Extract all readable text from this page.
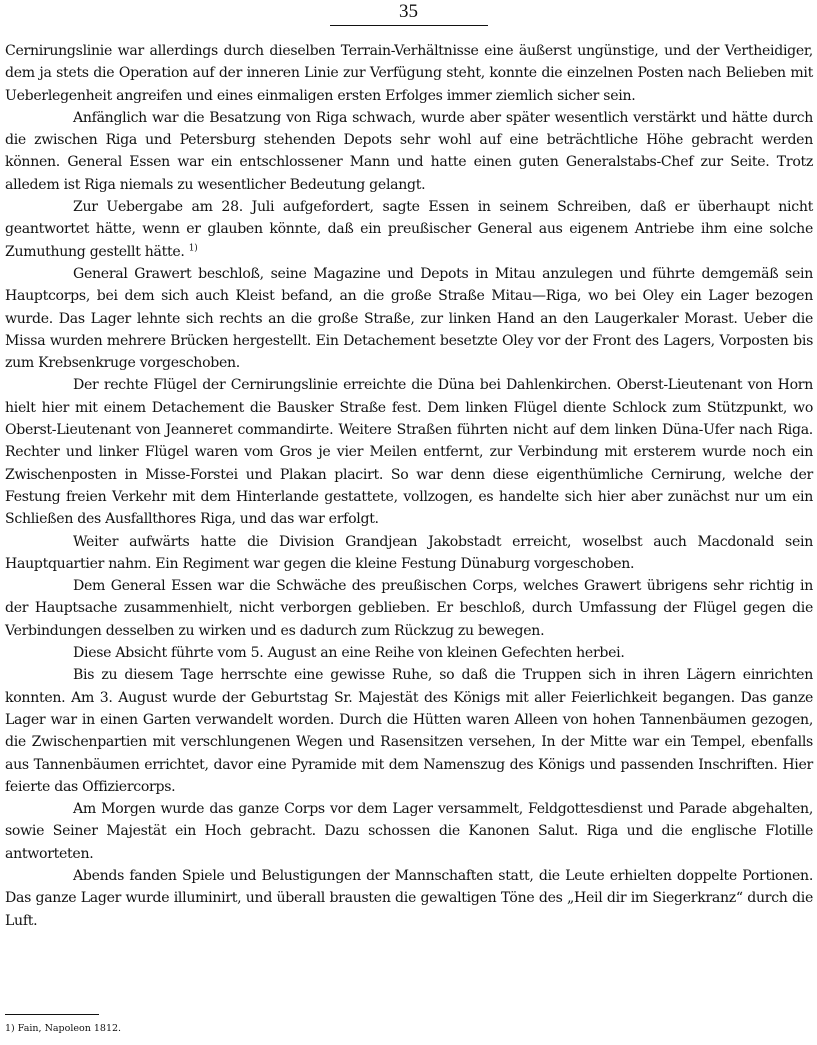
35

Cernirungslinie war allerdings durch dieselben Terrain-Verhältnisse eine äußerst ungünstige, und der Vertheidiger, dem ja stets die Operation auf der inneren Linie zur Verfügung steht, konnte die einzelnen Posten nach Belieben mit Ueberlegenheit angreifen und eines einmaligen ersten Erfolges immer ziemlich sicher sein.

Anfänglich war die Besatzung von Riga schwach, wurde aber später wesentlich verstärkt und hätte durch die zwischen Riga und Petersburg stehenden Depots sehr wohl auf eine beträchtliche Höhe gebracht werden können. General Essen war ein entschlossener Mann und hatte einen guten Generalstabs-Chef zur Seite. Trotz alledem ist Riga niemals zu wesentlicher Bedeutung gelangt.

Zur Uebergabe am 28. Juli aufgefordert, sagte Essen in seinem Schreiben, daß er überhaupt nicht geantwortet hätte, wenn er glauben könnte, daß ein preußischer General aus eigenem Antriebe ihm eine solche Zumuthung gestellt hätte. $^{1)}$

General Grawert beschloß, seine Magazine und Depots in Mitau anzulegen und führte demgemäß sein Hauptcorps, bei dem sich auch Kleist befand, an die große Straße Mitau—Riga, wo bei Oley ein Lager bezogen wurde. Das Lager lehnte sich rechts an die große Straße, zur linken Hand an den Laugerkaler Morast. Ueber die Missa wurden mehrere Brücken hergestellt. Ein Detachement besetzte Oley vor der Front des Lagers, Vorposten bis zum Krebsenkruge vorgeschoben.

Der rechte Flügel der Cernirungslinie erreichte die Düna bei Dahlenkirchen. Oberst-Lieutenant von Horn hielt hier mit einem Detachement die Bausker Straße fest. Dem linken Flügel diente Schlock zum Stützpunkt, wo Oberst-Lieutenant von Jeanneret commandirte. Weitere Straßen führten nicht auf dem linken Düna-Ufer nach Riga. Rechter und linker Flügel waren vom Gros je vier Meilen entfernt, zur Verbindung mit ersterem wurde noch ein Zwischenposten in Misse-Forstei und Plakan placirt. So war denn diese eigenthümliche Cernirung, welche der Festung freien Verkehr mit dem Hinterlande gestattete, vollzogen, es handelte sich hier aber zunächst nur um ein Schließen des Ausfallthores Riga, und das war erfolgt.

Weiter aufwärts hatte die Division Grandjean Jakobstadt erreicht, woselbst auch Macdonald sein Hauptquartier nahm. Ein Regiment war gegen die kleine Festung Dünaburg vorgeschoben.

Dem General Essen war die Schwäche des preußischen Corps, welches Grawert übrigens sehr richtig in der Hauptsache zusammenhielt, nicht verborgen geblieben. Er beschloß, durch Umfassung der Flügel gegen die Verbindungen desselben zu wirken und es dadurch zum Rückzug zu bewegen.

Diese Absicht führte vom 5. August an eine Reihe von kleinen Gefechten herbei.

Bis zu diesem Tage herrschte eine gewisse Ruhe, so daß die Truppen sich in ihren Lägern einrichten konnten. Am 3. August wurde der Geburtstag Sr. Majestät des Königs mit aller Feierlichkeit begangen. Das ganze Lager war in einen Garten verwandelt worden. Durch die Hütten waren Alleen von hohen Tannenbäumen gezogen, die Zwischenpartien mit verschlungenen Wegen und Rasensitzen versehen, In der Mitte war ein Tempel, ebenfalls aus Tannenbäumen errichtet, davor eine Pyramide mit dem Namenszug des Königs und passenden Inschriften. Hier feierte das Offiziercorps.

Am Morgen wurde das ganze Corps vor dem Lager versammelt, Feldgottesdienst und Parade abgehalten, sowie Seiner Majestät ein Hoch gebracht. Dazu schossen die Kanonen Salut. Riga und die englische Flotille antworteten.

Abends fanden Spiele und Belustigungen der Mannschaften statt, die Leute erhielten doppelte Portionen. Das ganze Lager wurde illuminirt, und überall brausten die gewaltigen Töne des „Heil dir im Siegerkranz“ durch die Luft.

1) Fain, Napoleon 1812.
